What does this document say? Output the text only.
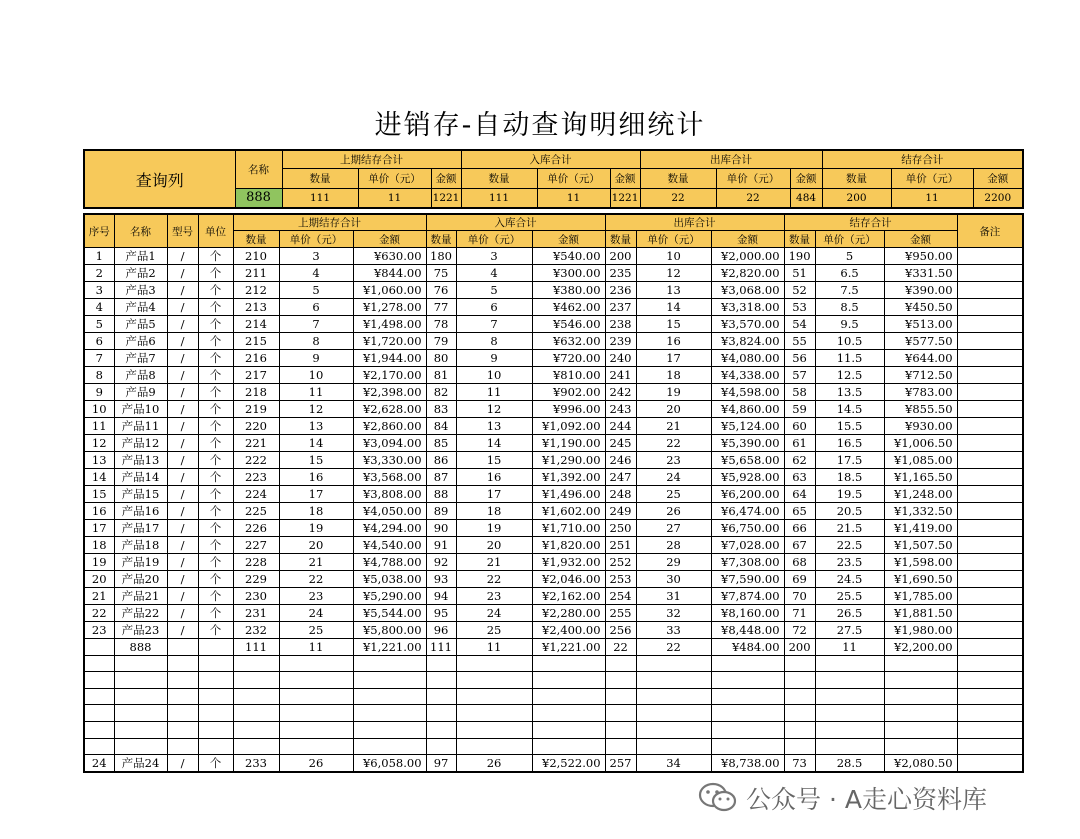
进销存-自动查询明细统计
查询列	名称	上期结存合计			入库合计			出库合计			结存合计		
		数量	单价（元）	金额	数量	单价（元）	金额	数量	单价（元）	金额	数量	单价（元）	金额
	888	111	11	1221	111	11	1221	22	22	484	200	11	2200
序号	名称	型号	单位	上期结存合计			入库合计			出库合计			结存合计			备注
				数量	单价（元）	金额	数量	单价（元）	金额	数量	单价（元）	金额	数量	单价（元）	金额	
1	产品1	/	个	210	3	¥630.00	180	3	¥540.00	200	10	¥2,000.00	190	5	¥950.00	
2	产品2	/	个	211	4	¥844.00	75	4	¥300.00	235	12	¥2,820.00	51	6.5	¥331.50	
3	产品3	/	个	212	5	¥1,060.00	76	5	¥380.00	236	13	¥3,068.00	52	7.5	¥390.00	
4	产品4	/	个	213	6	¥1,278.00	77	6	¥462.00	237	14	¥3,318.00	53	8.5	¥450.50	
5	产品5	/	个	214	7	¥1,498.00	78	7	¥546.00	238	15	¥3,570.00	54	9.5	¥513.00	
6	产品6	/	个	215	8	¥1,720.00	79	8	¥632.00	239	16	¥3,824.00	55	10.5	¥577.50	
7	产品7	/	个	216	9	¥1,944.00	80	9	¥720.00	240	17	¥4,080.00	56	11.5	¥644.00	
8	产品8	/	个	217	10	¥2,170.00	81	10	¥810.00	241	18	¥4,338.00	57	12.5	¥712.50	
9	产品9	/	个	218	11	¥2,398.00	82	11	¥902.00	242	19	¥4,598.00	58	13.5	¥783.00	
10	产品10	/	个	219	12	¥2,628.00	83	12	¥996.00	243	20	¥4,860.00	59	14.5	¥855.50	
11	产品11	/	个	220	13	¥2,860.00	84	13	¥1,092.00	244	21	¥5,124.00	60	15.5	¥930.00	
12	产品12	/	个	221	14	¥3,094.00	85	14	¥1,190.00	245	22	¥5,390.00	61	16.5	¥1,006.50	
13	产品13	/	个	222	15	¥3,330.00	86	15	¥1,290.00	246	23	¥5,658.00	62	17.5	¥1,085.00	
14	产品14	/	个	223	16	¥3,568.00	87	16	¥1,392.00	247	24	¥5,928.00	63	18.5	¥1,165.50	
15	产品15	/	个	224	17	¥3,808.00	88	17	¥1,496.00	248	25	¥6,200.00	64	19.5	¥1,248.00	
16	产品16	/	个	225	18	¥4,050.00	89	18	¥1,602.00	249	26	¥6,474.00	65	20.5	¥1,332.50	
17	产品17	/	个	226	19	¥4,294.00	90	19	¥1,710.00	250	27	¥6,750.00	66	21.5	¥1,419.00	
18	产品18	/	个	227	20	¥4,540.00	91	20	¥1,820.00	251	28	¥7,028.00	67	22.5	¥1,507.50	
19	产品19	/	个	228	21	¥4,788.00	92	21	¥1,932.00	252	29	¥7,308.00	68	23.5	¥1,598.00	
20	产品20	/	个	229	22	¥5,038.00	93	22	¥2,046.00	253	30	¥7,590.00	69	24.5	¥1,690.50	
21	产品21	/	个	230	23	¥5,290.00	94	23	¥2,162.00	254	31	¥7,874.00	70	25.5	¥1,785.00	
22	产品22	/	个	231	24	¥5,544.00	95	24	¥2,280.00	255	32	¥8,160.00	71	26.5	¥1,881.50	
23	产品23	/	个	232	25	¥5,800.00	96	25	¥2,400.00	256	33	¥8,448.00	72	27.5	¥1,980.00	
	888			111	11	¥1,221.00	111	11	¥1,221.00	22	22	¥484.00	200	11	¥2,200.00	

24	产品24	/	个	233	26	¥6,058.00	97	26	¥2,522.00	257	34	¥8,738.00	73	28.5	¥2,080.50	
公众号 · A走心资料库
